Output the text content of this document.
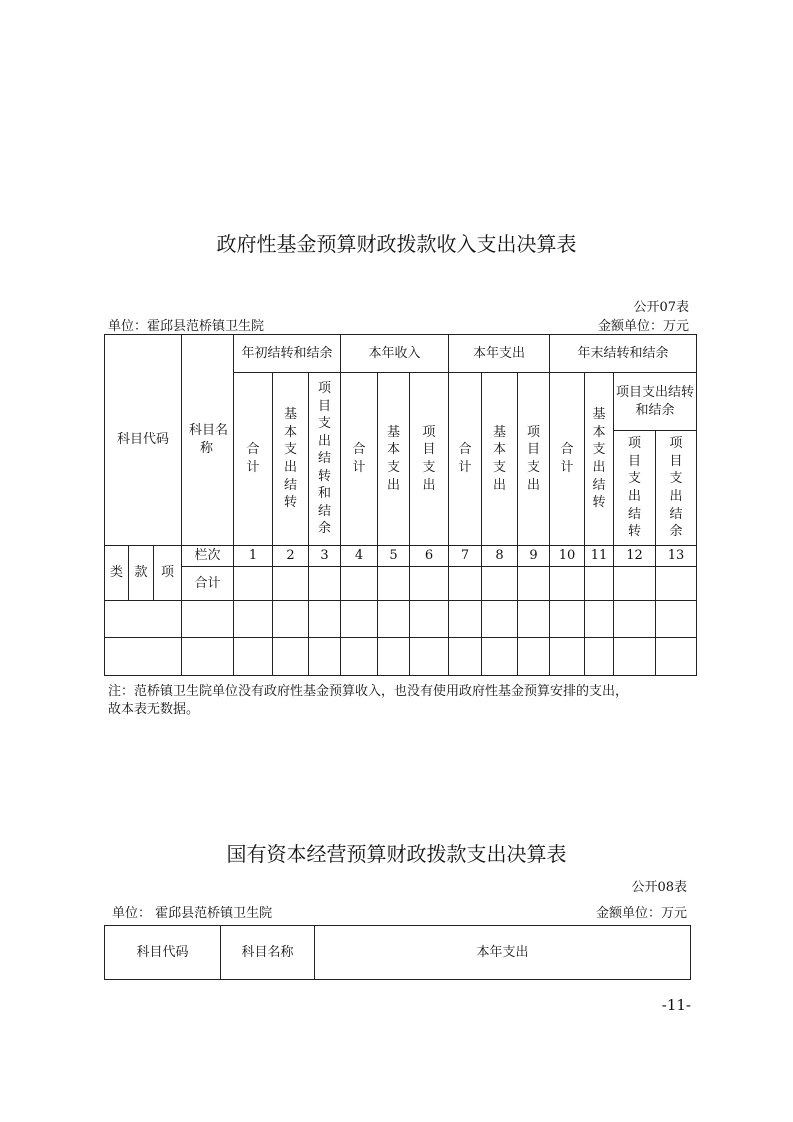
政府性基金预算财政拨款收入支出决算表
公开07表
单位：霍邱县范桥镇卫生院	金额单位：万元
科目代码			科目名称	年初结转和结余			本年收入			本年支出			年末结转和结余			

				合计	基本支出结转	项目支出结转和结余	合计	基本支出	项目支出	合计	基本支出	项目支出	合计	基本支出结转	项目支出结转和结余	

															项目支出结转	项目支出结余

类	款	项	栏次	1	2	3	4	5	6	7	8	9	10	11	12	13
			合计													

注：范桥镇卫生院单位没有政府性基金预算收入，也没有使用政府性基金预算安排的支出，
故本表无数据。
国有资本经营预算财政拨款支出决算表
公开08表
单位： 霍邱县范桥镇卫生院	金额单位：万元
科目代码	科目名称	本年支出
-11-
